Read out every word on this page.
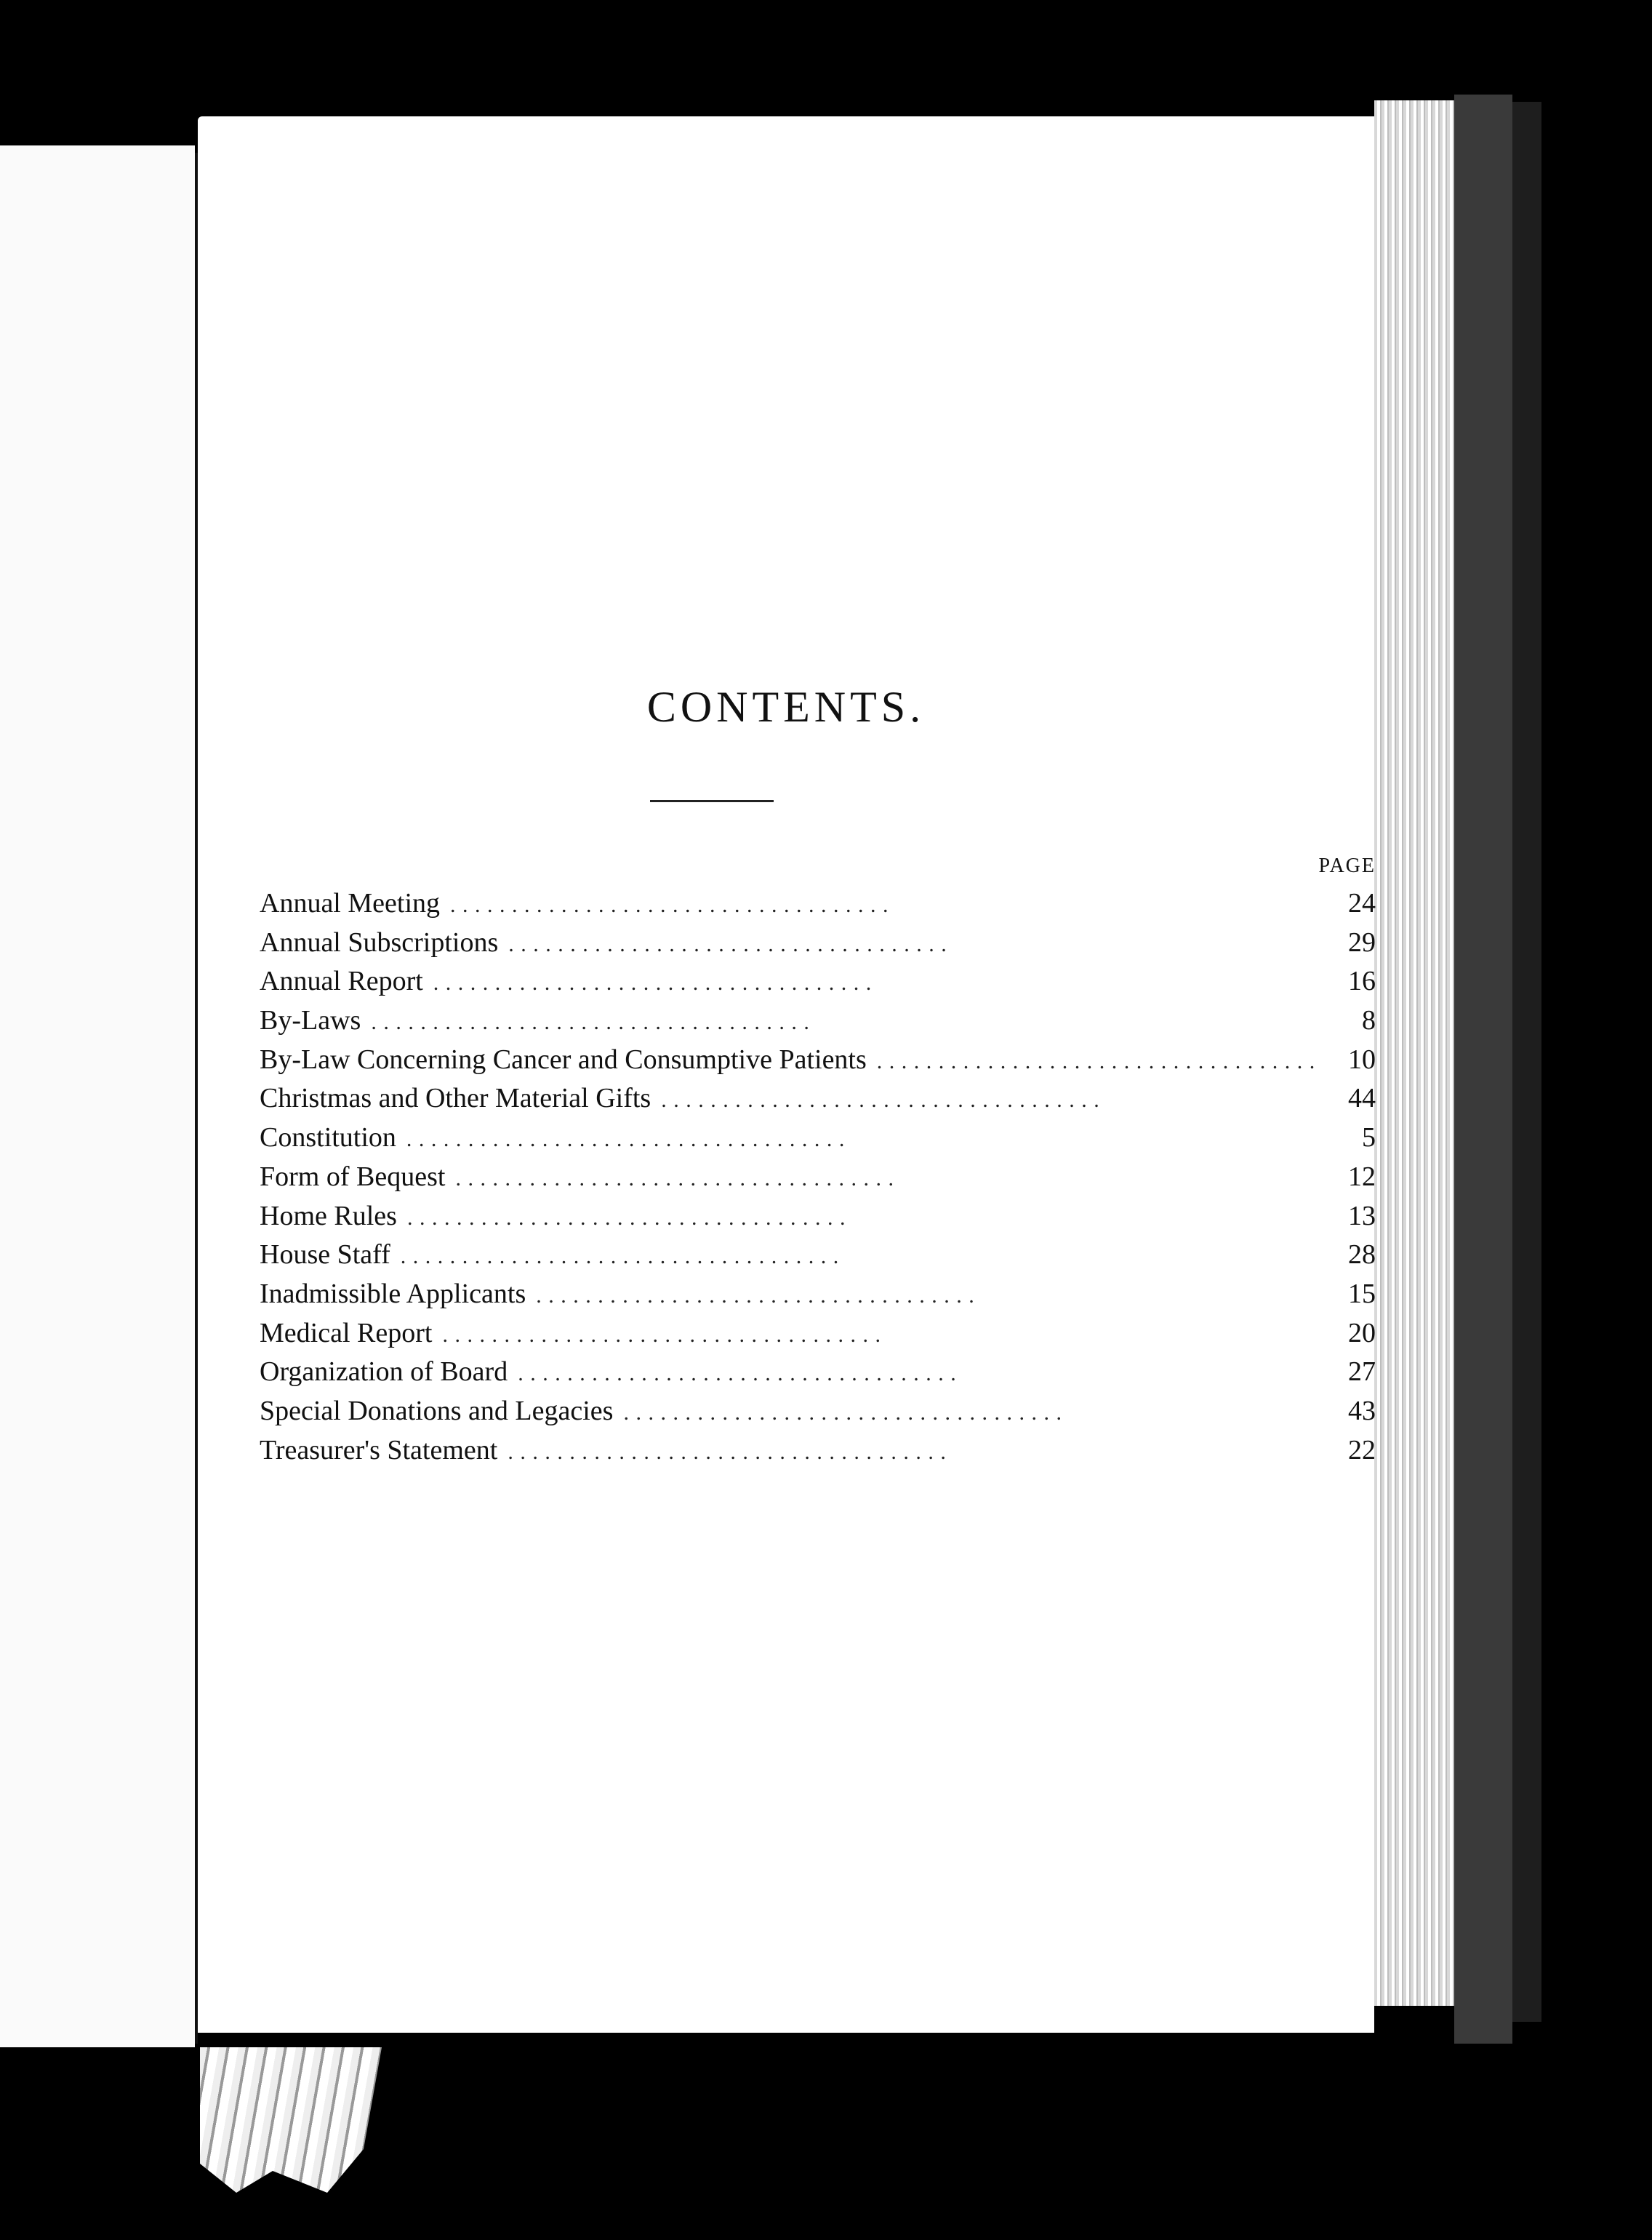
CONTENTS.
PAGE
Annual Meeting . . . . . . . . . . . . . . . . . . . . . . . . . . . . . . . . . . . .	24
Annual Subscriptions . . . . . . . . . . . . . . . . . . . . . . . . . . . . . . . . . . . .	29
Annual Report . . . . . . . . . . . . . . . . . . . . . . . . . . . . . . . . . . . .	16
By-Laws . . . . . . . . . . . . . . . . . . . . . . . . . . . . . . . . . . . .	8
By-Law Concerning Cancer and Consumptive Patients . . . . . . . . . . . . . . . . . . . . . . . . . . . . . . . . . . . .	10
Christmas and Other Material Gifts . . . . . . . . . . . . . . . . . . . . . . . . . . . . . . . . . . . .	44
Constitution . . . . . . . . . . . . . . . . . . . . . . . . . . . . . . . . . . . .	5
Form of Bequest . . . . . . . . . . . . . . . . . . . . . . . . . . . . . . . . . . . .	12
Home Rules . . . . . . . . . . . . . . . . . . . . . . . . . . . . . . . . . . . .	13
House Staff . . . . . . . . . . . . . . . . . . . . . . . . . . . . . . . . . . . .	28
Inadmissible Applicants . . . . . . . . . . . . . . . . . . . . . . . . . . . . . . . . . . . .	15
Medical Report . . . . . . . . . . . . . . . . . . . . . . . . . . . . . . . . . . . .	20
Organization of Board . . . . . . . . . . . . . . . . . . . . . . . . . . . . . . . . . . . .	27
Special Donations and Legacies . . . . . . . . . . . . . . . . . . . . . . . . . . . . . . . . . . . .	43
Treasurer's Statement . . . . . . . . . . . . . . . . . . . . . . . . . . . . . . . . . . . .	22
